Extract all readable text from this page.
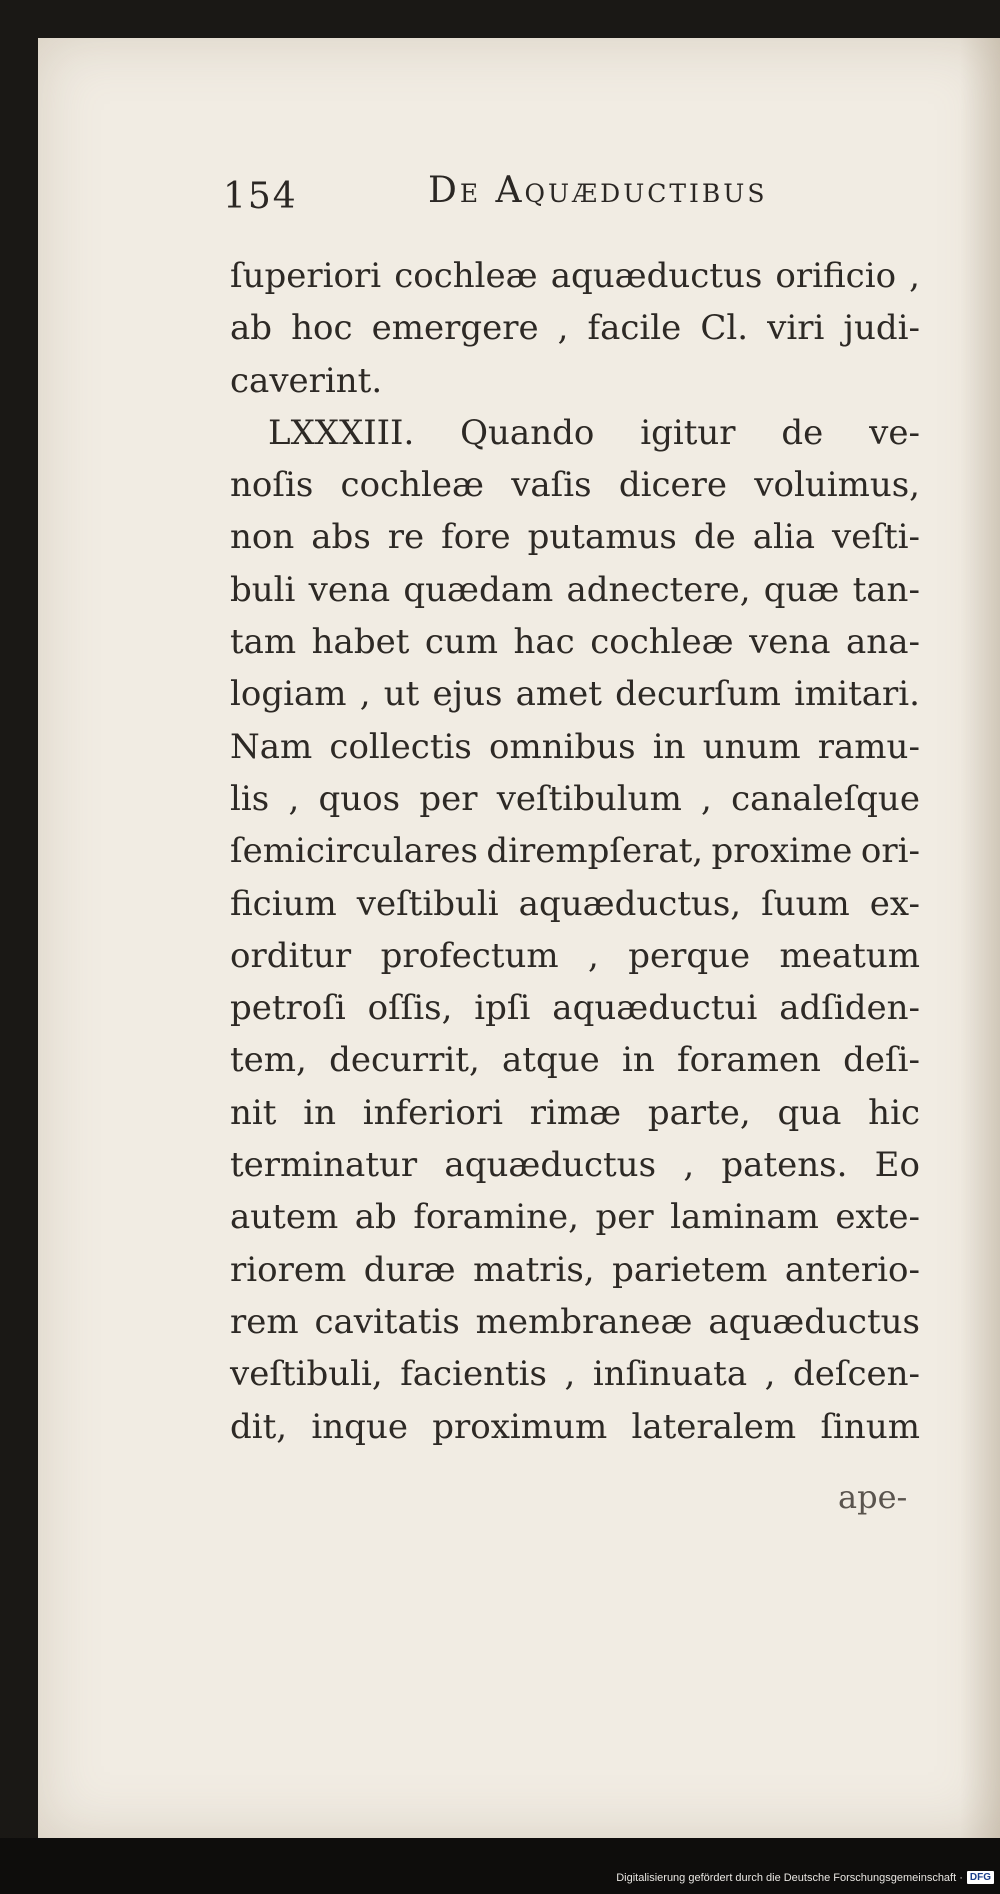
154	De Aquæductibus
ſuperiori cochleæ aquæductus orificio ,
ab hoc emergere , facile Cl. viri judi-
caverint.
LXXXIII. Quando igitur de ve-
noſis cochleæ vaſis dicere voluimus,
non abs re fore putamus de alia veſti-
buli vena quædam adnectere, quæ tan-
tam habet cum hac cochleæ vena ana-
logiam , ut ejus amet decurſum imitari.
Nam collectis omnibus in unum ramu-
lis , quos per veſtibulum , canaleſque
ſemicirculares dirempſerat, proxime ori-
ficium veſtibuli aquæductus, ſuum ex-
orditur profectum , perque meatum
petroſi oſſis, ipſi aquæductui adſiden-
tem, decurrit, atque in foramen deſi-
nit in inferiori rimæ parte, qua hic
terminatur aquæductus , patens. Eo
autem ab foramine, per laminam exte-
riorem duræ matris, parietem anterio-
rem cavitatis membraneæ aquæductus
veſtibuli, facientis , inſinuata , deſcen-
dit, inque proximum lateralem ſinum
ape-
Digitalisierung gefördert durch die Deutsche Forschungsgemeinschaft · DFG
